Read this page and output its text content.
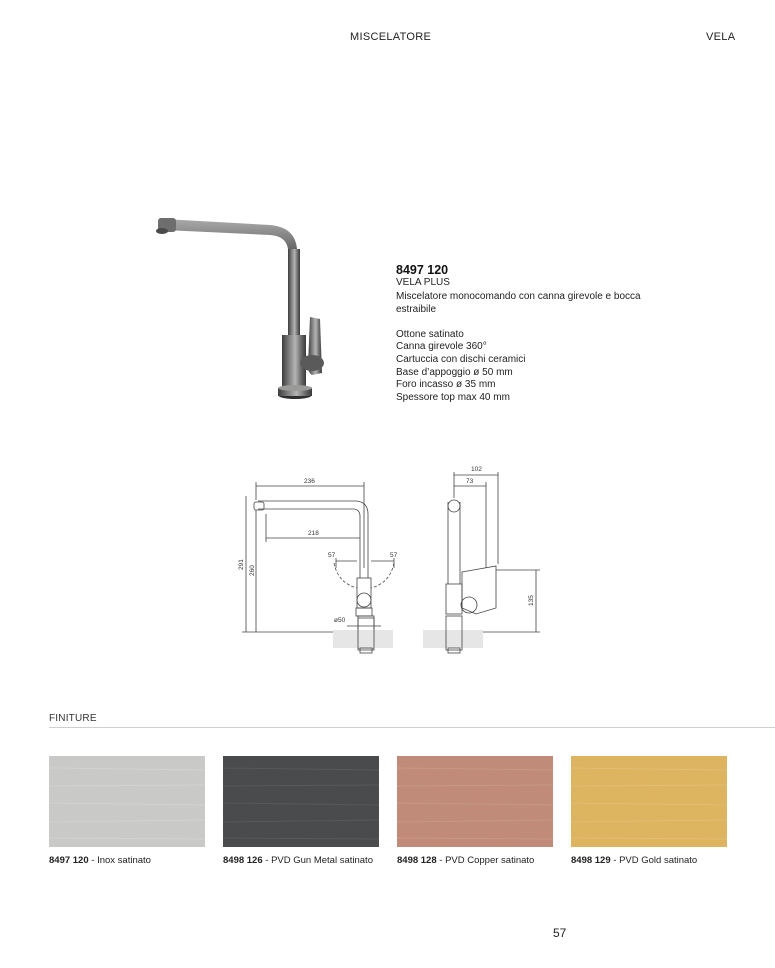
MISCELATORE	VELA
8497 120
VELA PLUS
Miscelatore monocomando con canna girevole e bocca estraibile
Ottone satinato
Canna girevole 360°
Cartuccia con dischi ceramici
Base d’appoggio ø 50 mm
Foro incasso ø 35 mm
Spessore top max 40 mm
236
218
57	57
291
260
ø50
102
73
135
FINITURE
8497 120 - Inox satinato	8498 126 - PVD Gun Metal satinato	8498 128 - PVD Copper satinato	8498 129 - PVD Gold satinato
57
